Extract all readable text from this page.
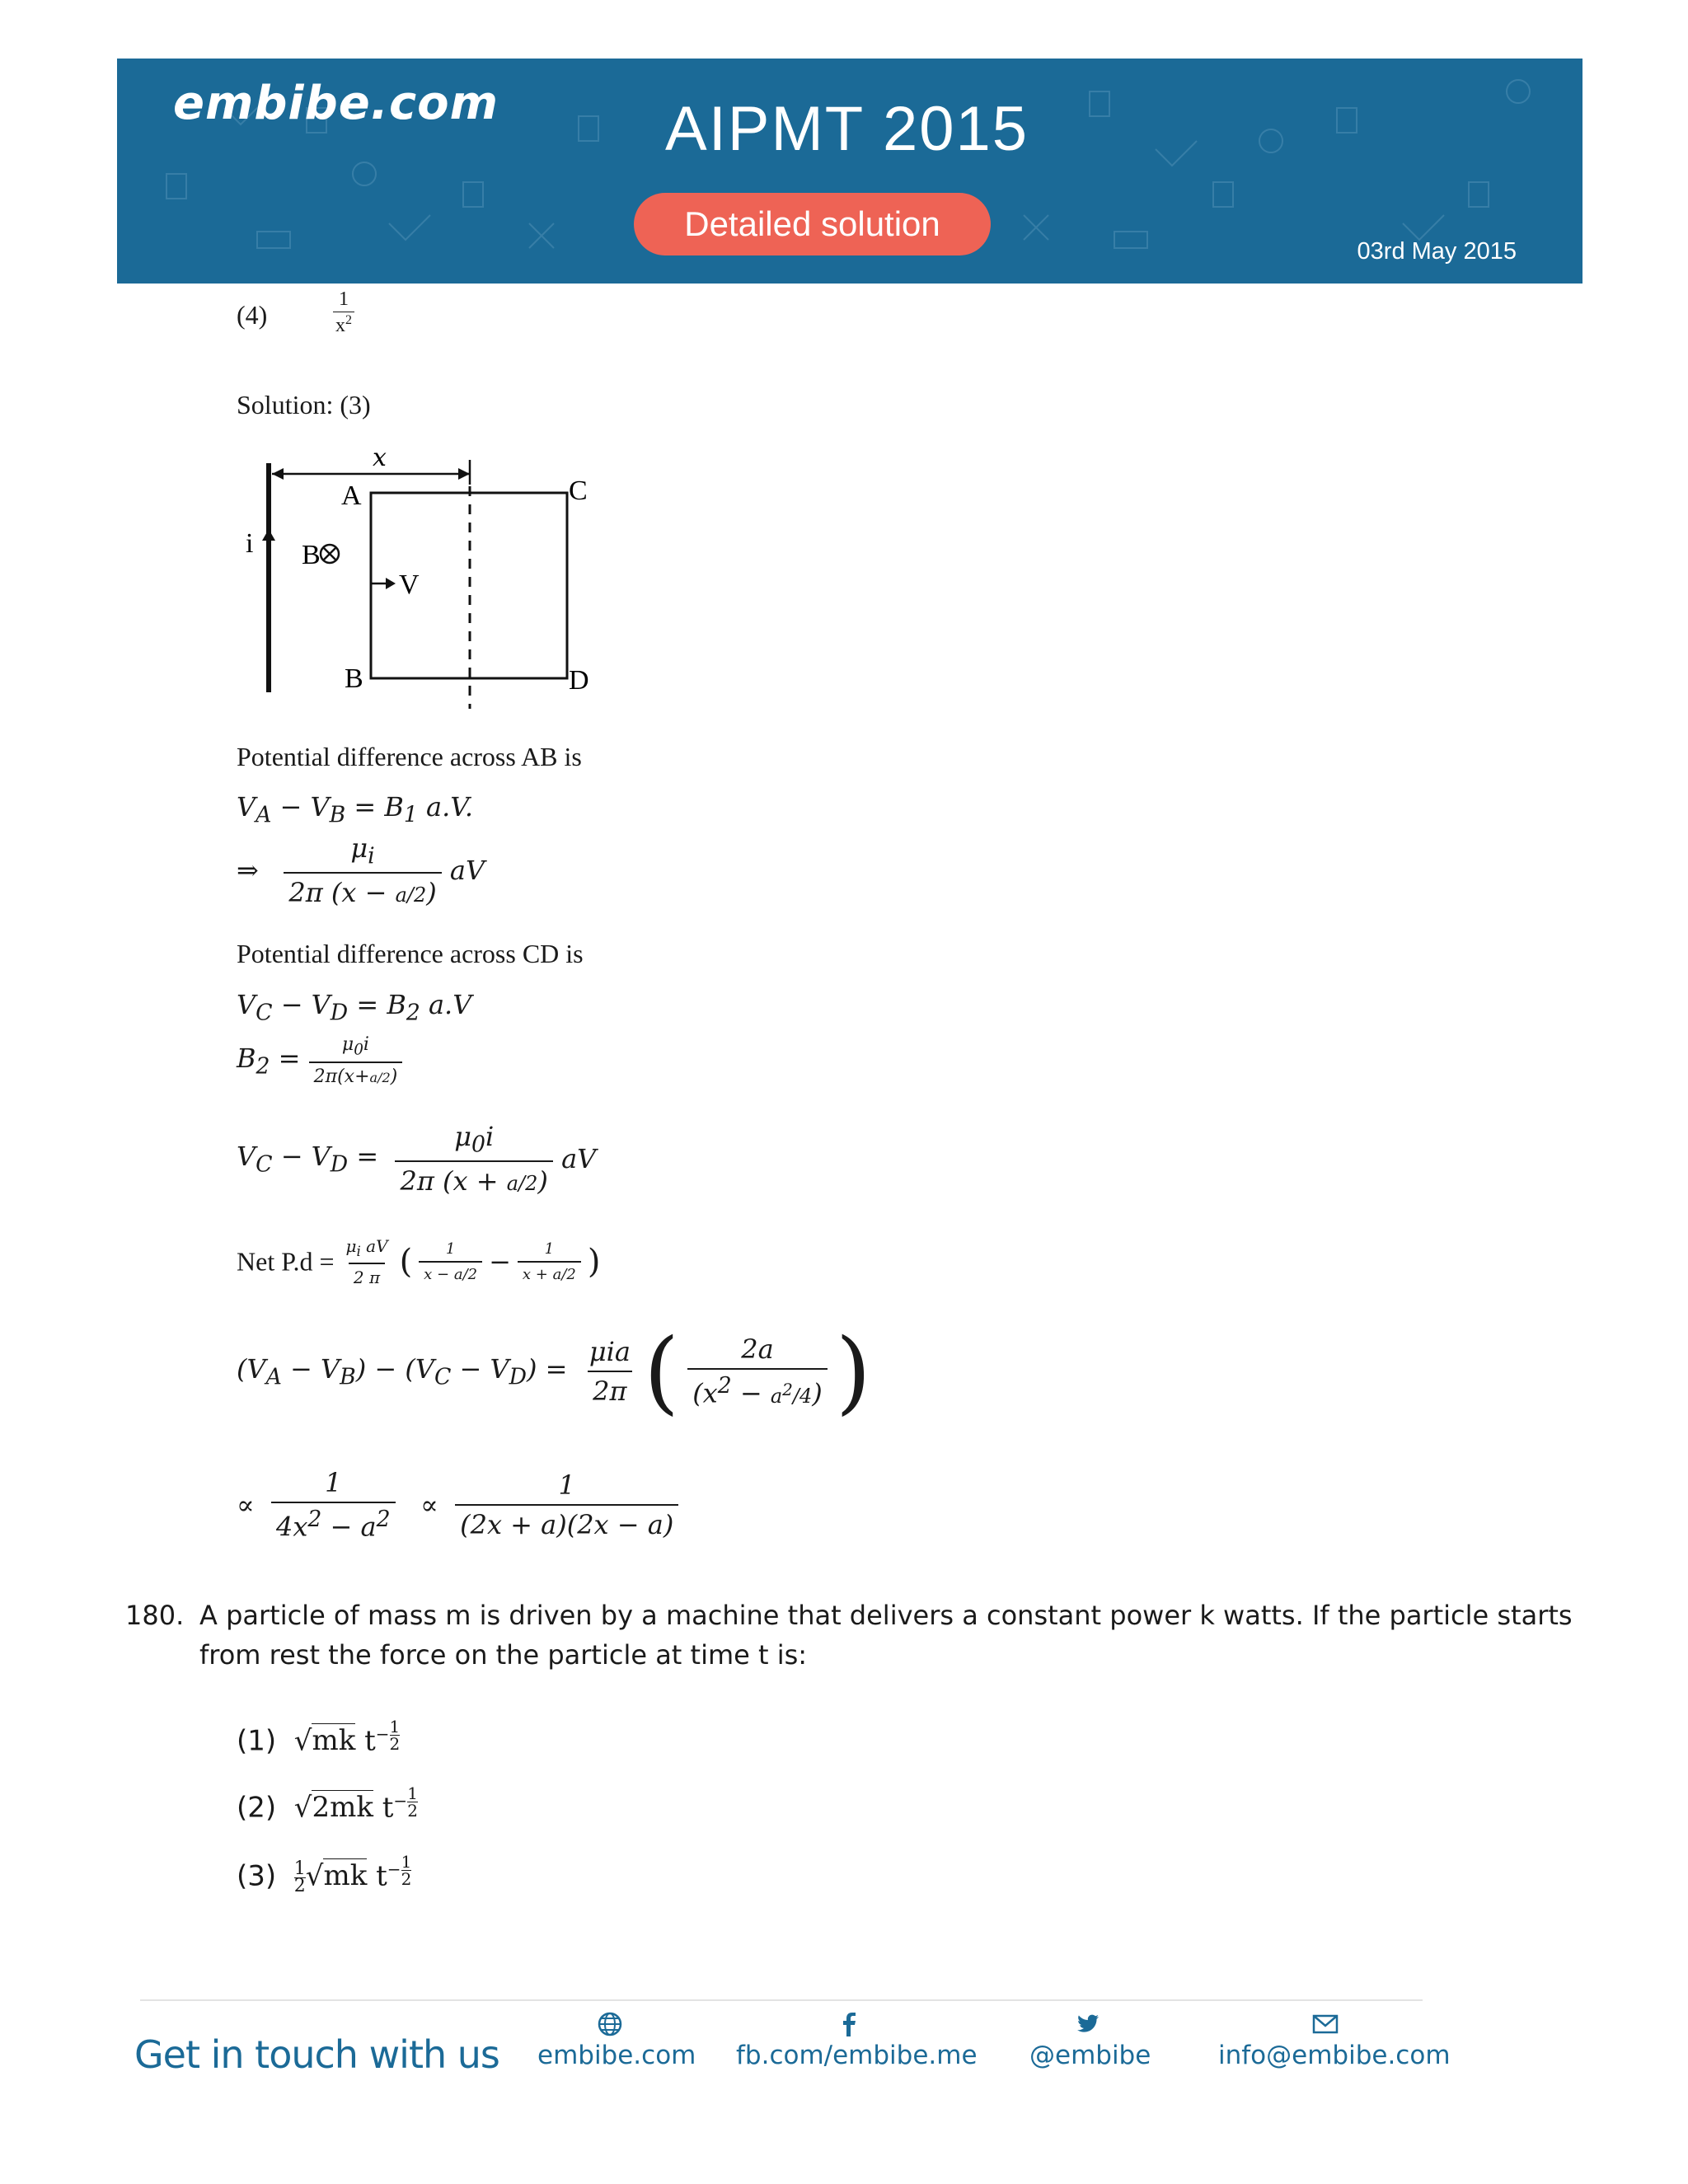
embibe.com	AIPMT 2015
Detailed solution
03rd May 2015
(4)
1
$x^2$
Solution: (3)
x
A
B
C
D
i B
V
Potential difference across AB is
$V_A - V_B = B_1$ a.V.
⇒ $\frac{\mu_i}{2\pi (x - a/2)}$ aV
Potential difference across CD is
$V_C - V_D = B_2$ a.V
$B_2 = \frac{\mu_0i}{2\pi(x+a/2)}$
$V_C - V_D = \frac{\mu_0i}{2\pi (x + a/2)}$ aV
Net $P.d = \frac{\mu_i aV}{2 \pi}$ ( $\frac{1}{x - a/2} - \frac{1}{x + a/2}$ )
$(V_A - V_B) - (V_C - V_D) = \frac{\text{μia}}{2\pi}$ ( $\frac{2a}{(x^2 - a^2/4)}$ )
∝ $\frac{1}{4x^2 - a^2} \propto \frac{1}{(2x + a)(2x - a)}$
180. A particle of mass m is driven by a machine that delivers a constant power k watts. If the particle starts from rest the force on the particle at time t is:
(1)  √mk $t^{- \frac{1}{2}}$
(2)  √2mk $t^{- \frac{1}{2}}$
$(3) \frac{1}{2} √mk$ $t^{- \frac{1}{2}}$
Get in touch with us embibe.com fb.com/embibe.me @embibe	info@embibe.com
